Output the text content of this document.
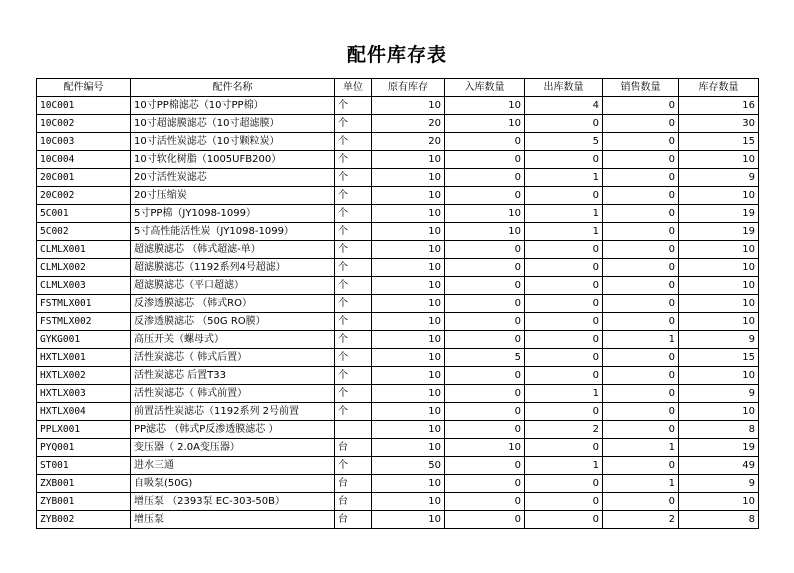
配件库存表
配件编号	配件名称	单位	原有库存	入库数量	出库数量	销售数量	库存数量
10C001	10寸PP棉滤芯（10寸PP棉）	个	10	10	4	0	16
10C002	10寸超滤膜滤芯（10寸超滤膜）	个	20	10	0	0	30
10C003	10寸活性炭滤芯（10寸颗粒炭）	个	20	0	5	0	15
10C004	10寸软化树脂（1005UFB200）	个	10	0	0	0	10
20C001	20寸活性炭滤芯	个	10	0	1	0	9
20C002	20寸压缩炭	个	10	0	0	0	10
5C001	5寸PP棉（JY1098-1099）	个	10	10	1	0	19
5C002	5寸高性能活性炭（JY1098-1099）	个	10	10	1	0	19
CLMLX001	超滤膜滤芯 （韩式超滤-单）	个	10	0	0	0	10
CLMLX002	超滤膜滤芯（1192系列4号超滤）	个	10	0	0	0	10
CLMLX003	超滤膜滤芯（平口超滤）	个	10	0	0	0	10
FSTMLX001	反渗透膜滤芯 （韩式RO）	个	10	0	0	0	10
FSTMLX002	反渗透膜滤芯 （50G RO膜）	个	10	0	0	0	10
GYKG001	高压开关（螺母式）	个	10	0	0	1	9
HXTLX001	活性炭滤芯（ 韩式后置）	个	10	5	0	0	15
HXTLX002	活性炭滤芯 后置T33	个	10	0	0	0	10
HXTLX003	活性炭滤芯（ 韩式前置）	个	10	0	1	0	9
HXTLX004	前置活性炭滤芯（1192系列 2号前置	个	10	0	0	0	10
PPLX001	PP滤芯 （韩式P反渗透膜滤芯 ）		10	0	2	0	8
PYQ001	变压器（ 2.0A变压器）	台	10	10	0	1	19
ST001	进水三通	个	50	0	1	0	49
ZXB001	自吸泵(50G)	台	10	0	0	1	9
ZYB001	增压泵 （2393泵 EC-303-50B）	台	10	0	0	0	10
ZYB002	增压泵	台	10	0	0	2	8
